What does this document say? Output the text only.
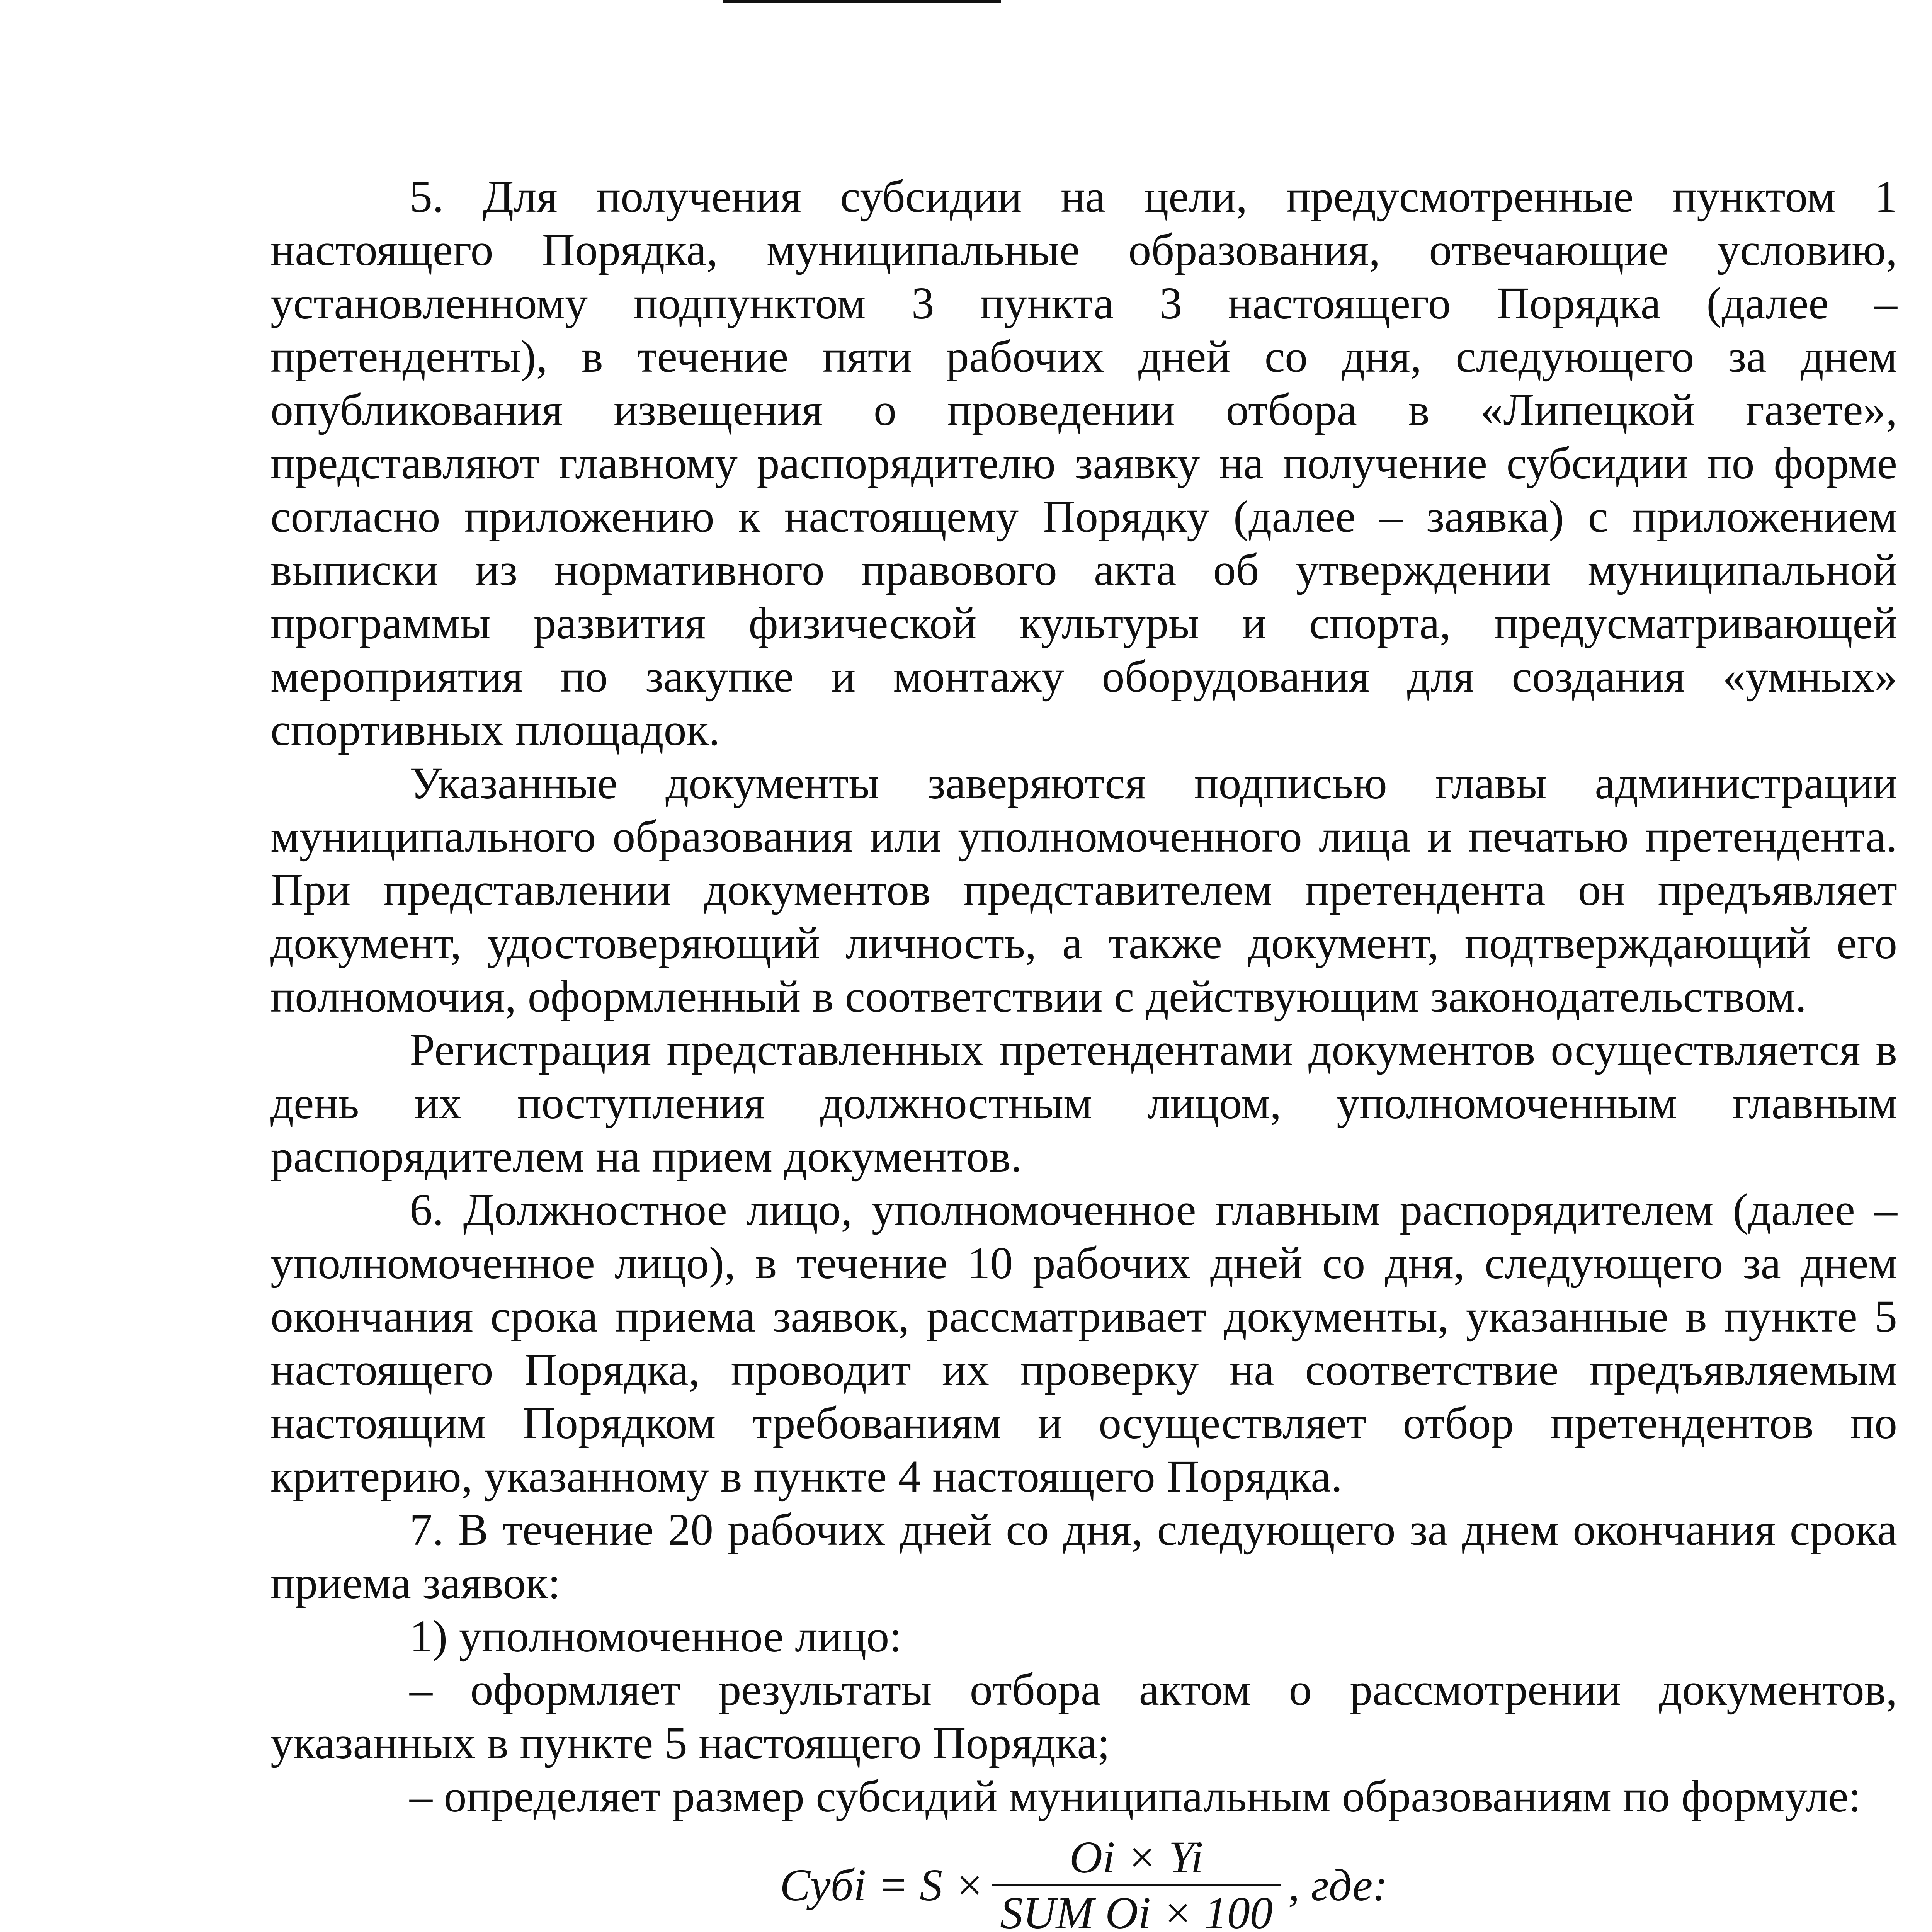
5. Для получения субсидии на цели, предусмотренные пунктом 1 настоящего Порядка, муниципальные образования, отвечающие условию, установленному подпунктом 3 пункта 3 настоящего Порядка (далее – претенденты), в течение пяти рабочих дней со дня, следующего за днем опубликования извещения о проведении отбора в «Липецкой газете», представляют главному распорядителю заявку на получение субсидии по форме согласно приложению к настоящему Порядку (далее – заявка) с приложением выписки из нормативного правового акта об утверждении муниципальной программы развития физической культуры и спорта, предусматривающей мероприятия по закупке и монтажу оборудования для создания «умных» спортивных площадок.

Указанные документы заверяются подписью главы администрации муниципального образования или уполномоченного лица и печатью претендента. При представлении документов представителем претендента он предъявляет документ, удостоверяющий личность, а также документ, подтверждающий его полномочия, оформленный в соответствии с действующим законодательством.

Регистрация представленных претендентами документов осуществляется в день их поступления должностным лицом, уполномоченным главным распорядителем на прием документов.

6. Должностное лицо, уполномоченное главным распорядителем (далее – уполномоченное лицо), в течение 10 рабочих дней со дня, следующего за днем окончания срока приема заявок, рассматривает документы, указанные в пункте 5 настоящего Порядка, проводит их проверку на соответствие предъявляемым настоящим Порядком требованиям и осуществляет отбор претендентов по критерию, указанному в пункте 4 настоящего Порядка.

7. В течение 20 рабочих дней со дня, следующего за днем окончания срока приема заявок:

1) уполномоченное лицо:

– оформляет результаты отбора актом о рассмотрении документов, указанных в пункте 5 настоящего Порядка;

– определяет размер субсидий муниципальным образованиям по формуле:

Субi = S ×
Oi × Yi
SUM Oi × 100
, где:
